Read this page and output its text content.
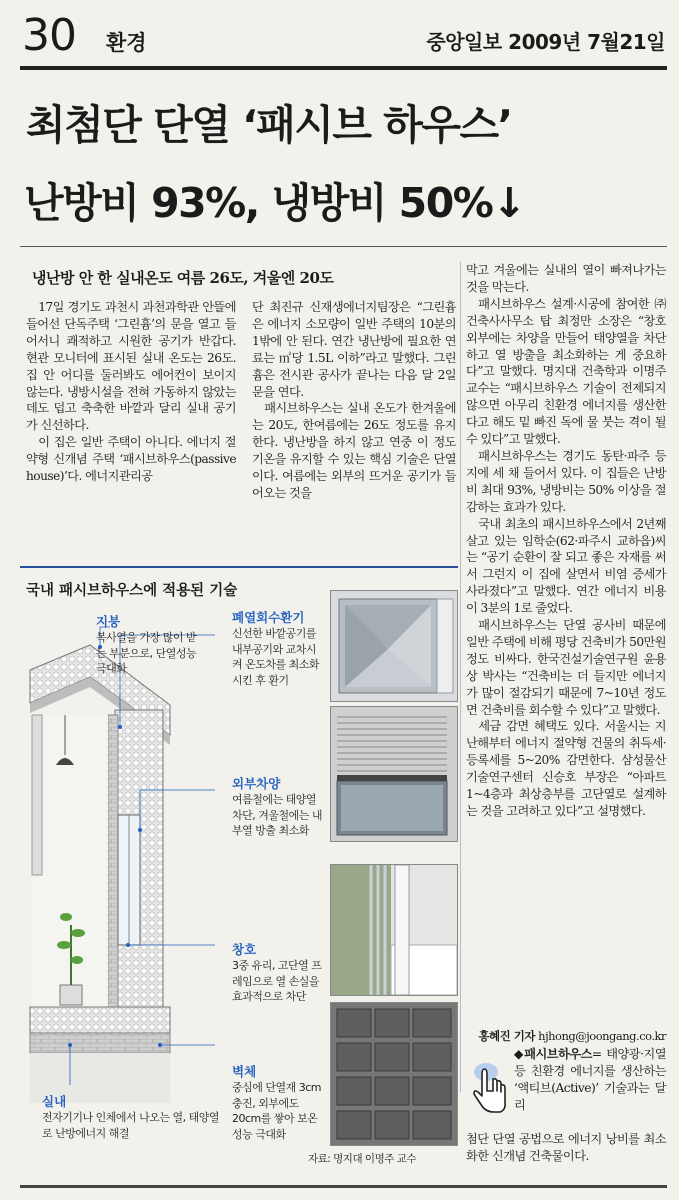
30 환경	중앙일보 2009년 7월21일
최첨단 단열 ‘패시브 하우스’
난방비 93%, 냉방비 50%↓
냉난방 안 한 실내온도 여름 26도, 겨울엔 20도

17일 경기도 과천시 과천과학관 안뜰에 들어선 단독주택 ‘그린흄’의 문을 열고 들어서니 쾌적하고 시원한 공기가 반갑다. 현관 모니터에 표시된 실내 온도는 26도. 집 안 어디를 둘러봐도 에어컨이 보이지 않는다. 냉방시설을 전혀 가동하지 않았는데도 덥고 축축한 바깥과 달리 실내 공기가 신선하다.

이 집은 일반 주택이 아니다. 에너지 절약형 신개념 주택 ‘패시브하우스(passive house)’다. 에너지관리공

단 최진규 신재생에너지팀장은 “그린흄은 에너지 소모량이 일반 주택의 10분의 1밖에 안 된다. 연간 냉난방에 필요한 연료는 ㎡당 1.5L 이하”라고 말했다. 그린흄은 전시관 공사가 끝나는 다음 달 2일 문을 연다.

패시브하우스는 실내 온도가 한겨울에는 20도, 한여름에는 26도 정도를 유지한다. 냉난방을 하지 않고 연중 이 정도 기온을 유지할 수 있는 핵심 기술은 단열이다. 여름에는 외부의 뜨거운 공기가 들어오는 것을

막고 겨울에는 실내의 열이 빠져나가는 것을 막는다.

패시브하우스 설계·시공에 참여한 ㈜건축사사무소 탑 최정만 소장은 “창호 외부에는 차양을 만들어 태양열을 차단하고 열 방출을 최소화하는 게 중요하다”고 말했다. 명지대 건축학과 이명주 교수는 “패시브하우스 기술이 전제되지 않으면 아무리 친환경 에너지를 생산한다고 해도 밑 빠진 독에 물 붓는 격이 될 수 있다”고 말했다.

패시브하우스는 경기도 동탄·파주 등지에 세 채 들어서 있다. 이 집들은 난방비 최대 93%, 냉방비는 50% 이상을 절감하는 효과가 있다.

국내 최초의 패시브하우스에서 2년째 살고 있는 임학순(62·파주시 교하읍)씨는 “공기 순환이 잘 되고 좋은 자재를 써서 그런지 이 집에 살면서 비염 증세가 사라졌다”고 말했다. 연간 에너지 비용이 3분의 1로 줄었다.

패시브하우스는 단열 공사비 때문에 일반 주택에 비해 평당 건축비가 50만원 정도 비싸다. 한국건설기술연구원 윤용상 박사는 “건축비는 더 들지만 에너지가 많이 절감되기 때문에 7~10년 정도면 건축비를 회수할 수 있다”고 말했다.

세금 감면 혜택도 있다. 서울시는 지난해부터 에너지 절약형 건물의 취득세·등록세를 5~20% 감면한다. 삼성물산 기술연구센터 신승호 부장은 “아파트 1~4층과 최상층부를 고단열로 설계하는 것을 고려하고 있다”고 설명했다.

홍혜진 기자 hjhong@joongang.co.kr
◆패시브하우스= 태양광·지열 등 친환경 에너지를 생산하는 ‘액티브(Active)’ 기술과는 달리
첨단 단열 공법으로 에너지 낭비를 최소화한 신개념 건축물이다.
국내 패시브하우스에 적용된 기술
지붕
복사열을 가장 많이 받는 부분으로, 단열성능 극대화
폐열회수환기
신선한 바깥공기를 내부공기와 교차시켜 온도차를 최소화시킨 후 환기
외부차양
여름철에는 태양열 차단, 겨울철에는 내부열 방출 최소화
창호
3중 유리, 고단열 프레임으로 열 손실을 효과적으로 차단
벽체
중심에 단열재 3cm 충진, 외부에도 20cm를 쌓아 보온성능 극대화
실내
전자기기나 인체에서 나오는 열, 태양열로 난방에너지 해결
자료: 명지대 이명주 교수
